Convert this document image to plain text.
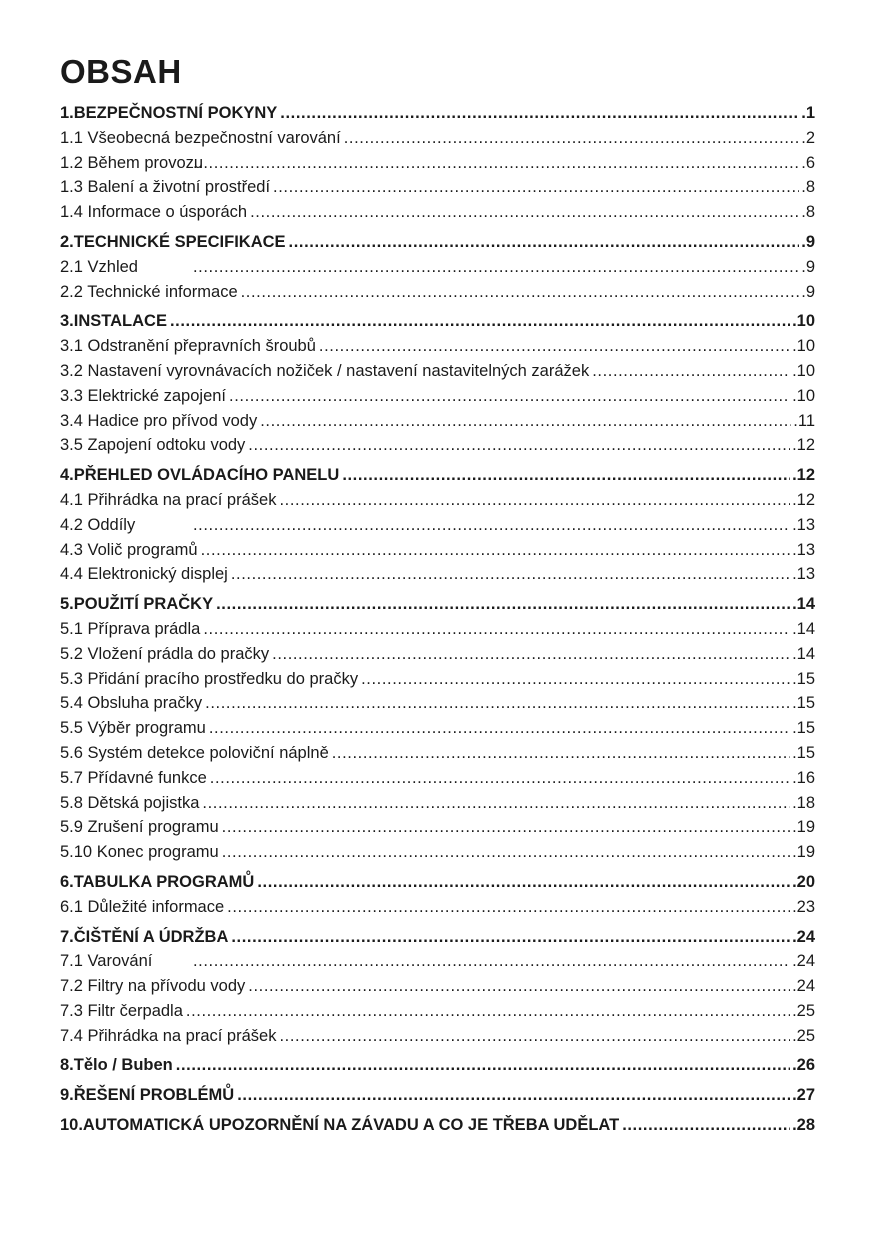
OBSAH
1.BEZPEČNOSTNÍ POKYNY .....	.1
1.1 Všeobecná bezpečnostní varování .....	.2
1.2 Během provozu .....	.6
1.3 Balení a životní prostředí .....	.8
1.4 Informace o úsporách .....	.8
2.TECHNICKÉ SPECIFIKACE .....	.9
2.1 Vzhled .....	.9
2.2 Technické informace .....	.9
3.INSTALACE .....	.10
3.1 Odstranění přepravních šroubů .....	.10
3.2 Nastavení vyrovnávacích nožiček / nastavení nastavitelných zarážek .....	.10
3.3 Elektrické zapojení .....	.10
3.4 Hadice pro přívod vody .....	.11
3.5 Zapojení odtoku vody .....	.12
4.PŘEHLED OVLÁDACÍHO PANELU .....	.12
4.1 Přihrádka na prací prášek .....	.12
4.2 Oddíly .....	.13
4.3 Volič programů .....	.13
4.4 Elektronický displej .....	.13
5.POUŽITÍ PRAČKY .....	.14
5.1 Příprava prádla .....	.14
5.2 Vložení prádla do pračky .....	.14
5.3 Přidání pracího prostředku do pračky .....	.15
5.4 Obsluha pračky .....	.15
5.5 Výběr programu .....	.15
5.6 Systém detekce poloviční náplně .....	.15
5.7 Přídavné funkce .....	.16
5.8 Dětská pojistka .....	.18
5.9 Zrušení programu .....	.19
5.10 Konec programu .....	.19
6.TABULKA PROGRAMŮ .....	.20
6.1 Důležité informace .....	.23
7.ČIŠTĚNÍ A ÚDRŽBA .....	.24
7.1 Varování .....	.24
7.2 Filtry na přívodu vody .....	.24
7.3 Filtr čerpadla .....	.25
7.4 Přihrádka na prací prášek .....	.25
8.Tělo / Buben .....	.26
9.ŘEŠENÍ PROBLÉMŮ .....	.27
10.AUTOMATICKÁ UPOZORNĚNÍ NA ZÁVADU A CO JE TŘEBA UDĚLAT .....	.28
